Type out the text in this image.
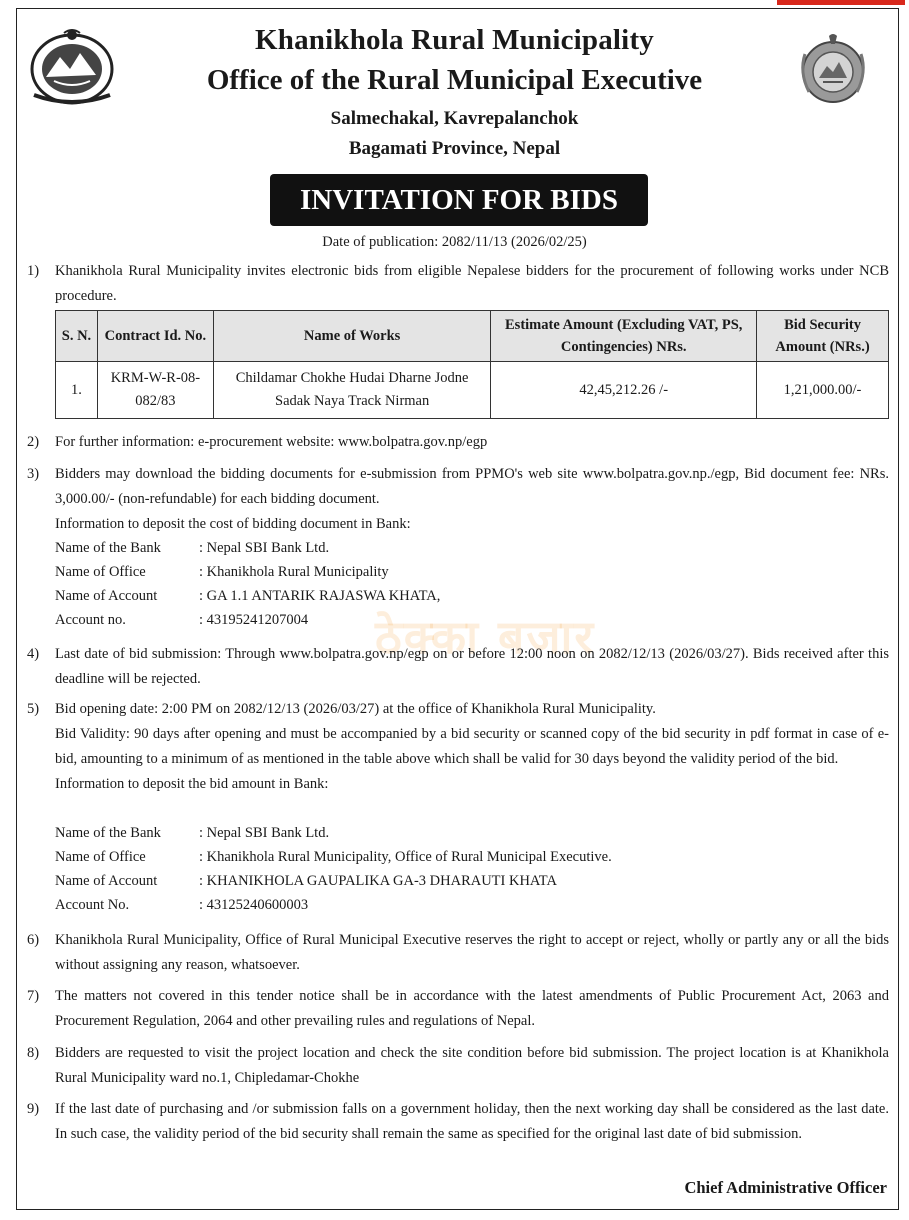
Khanikhola Rural Municipality
Office of the Rural Municipal Executive
Salmechakal, Kavrepalanchok
Bagamati Province, Nepal
INVITATION FOR BIDS
Date of publication: 2082/11/13 (2026/02/25)
ठेक्का बजार
1)	Khanikhola Rural Municipality invites electronic bids from eligible Nepalese bidders for the procurement of following works under NCB procedure.
S. N.	Contract Id. No.	Name of Works	Estimate Amount (Excluding VAT, PS, Contingencies) NRs.	Bid Security Amount (NRs.)
1.	KRM-W-R-08-082/83	Childamar Chokhe Hudai Dharne Jodne Sadak Naya Track Nirman	42,45,212.26 /-	1,21,000.00/-
2)	For further information: e-procurement website: www.bolpatra.gov.np/egp
3)	Bidders may download the bidding documents for e-submission from PPMO's web site www.bolpatra.gov.np./egp, Bid document fee: NRs. 3,000.00/- (non-refundable) for each bidding document.
Information to deposit the cost of bidding document in Bank:
Name of the Bank	: Nepal SBI Bank Ltd.
Name of Office	: Khanikhola Rural Municipality
Name of Account	: GA 1.1 ANTARIK RAJASWA KHATA,
Account no.	: 43195241207004
4)	Last date of bid submission: Through www.bolpatra.gov.np/egp on or before 12:00 noon on 2082/12/13 (2026/03/27). Bids received after this deadline will be rejected.
5)	Bid opening date: 2:00 PM on 2082/12/13 (2026/03/27) at the office of Khanikhola Rural Municipality.
Bid Validity: 90 days after opening and must be accompanied by a bid security or scanned copy of the bid security in pdf format in case of e-bid, amounting to a minimum of as mentioned in the table above which shall be valid for 30 days beyond the validity period of the bid.
Information to deposit the bid amount in Bank:
Name of the Bank	: Nepal SBI Bank Ltd.
Name of Office	: Khanikhola Rural Municipality, Office of Rural Municipal Executive.
Name of Account	: KHANIKHOLA GAUPALIKA GA-3 DHARAUTI KHATA
Account No.	: 43125240600003
6)	Khanikhola Rural Municipality, Office of Rural Municipal Executive reserves the right to accept or reject, wholly or partly any or all the bids without assigning any reason, whatsoever.
7)	The matters not covered in this tender notice shall be in accordance with the latest amendments of Public Procurement Act, 2063 and Procurement Regulation, 2064 and other prevailing rules and regulations of Nepal.
8)	Bidders are requested to visit the project location and check the site condition before bid submission. The project location is at Khanikhola Rural Municipality ward no.1, Chipledamar-Chokhe
9)	If the last date of purchasing and /or submission falls on a government holiday, then the next working day shall be considered as the last date. In such case, the validity period of the bid security shall remain the same as specified for the original last date of bid submission.
Chief Administrative Officer
